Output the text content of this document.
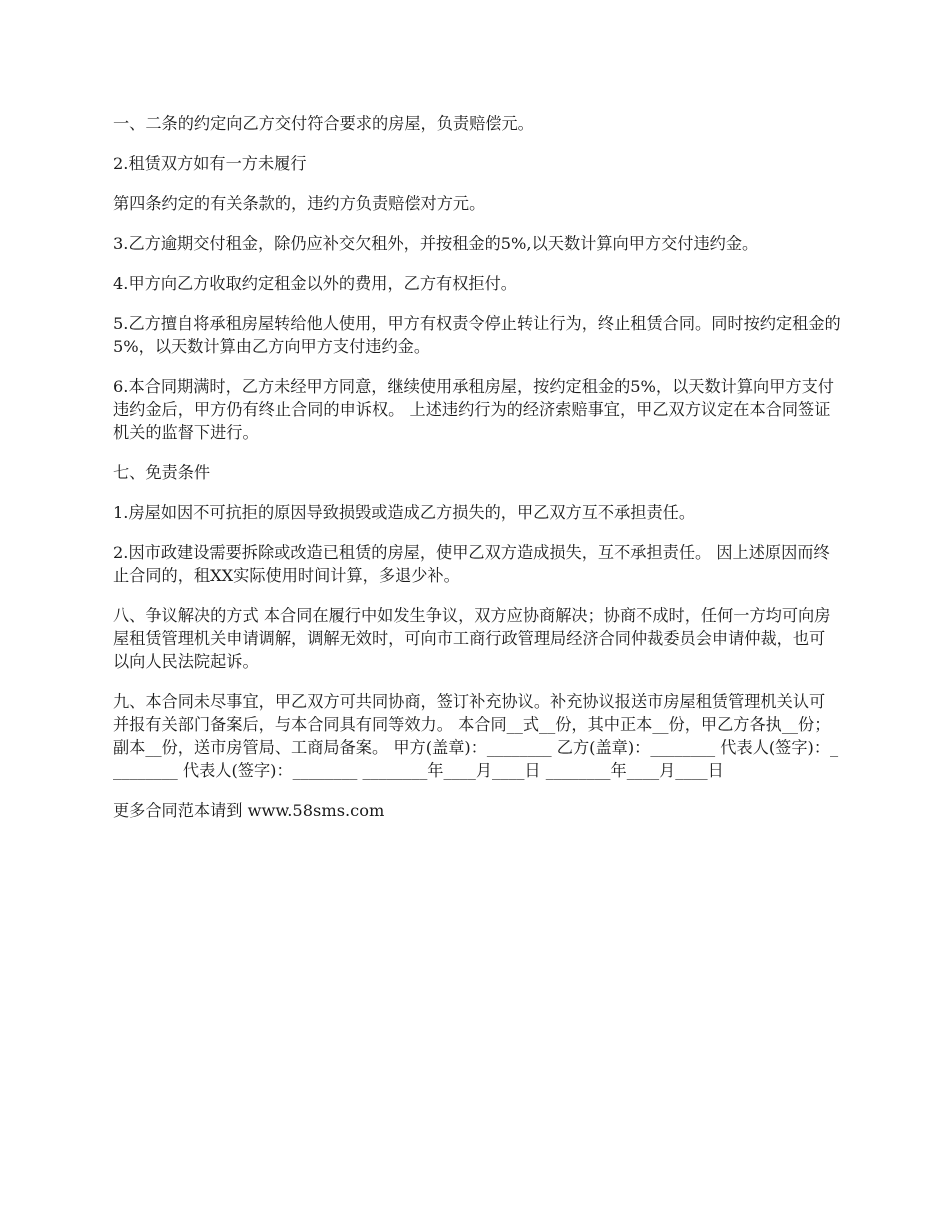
一、二条的约定向乙方交付符合要求的房屋，负责赔偿元。

2.租赁双方如有一方未履行

第四条约定的有关条款的，违约方负责赔偿对方元。

3.乙方逾期交付租金，除仍应补交欠租外，并按租金的5%,以天数计算向甲方交付违约金。

4.甲方向乙方收取约定租金以外的费用，乙方有权拒付。

5.乙方擅自将承租房屋转给他人使用，甲方有权责令停止转让行为，终止租赁合同。同时按约定租金的5%，以天数计算由乙方向甲方支付违约金。

6.本合同期满时，乙方未经甲方同意，继续使用承租房屋，按约定租金的5%，以天数计算向甲方支付违约金后，甲方仍有终止合同的申诉权。 上述违约行为的经济索赔事宜，甲乙双方议定在本合同签证机关的监督下进行。

七、免责条件

1.房屋如因不可抗拒的原因导致损毁或造成乙方损失的，甲乙双方互不承担责任。

2.因市政建设需要拆除或改造已租赁的房屋，使甲乙双方造成损失，互不承担责任。 因上述原因而终止合同的，租XX实际使用时间计算，多退少补。

八、争议解决的方式 本合同在履行中如发生争议，双方应协商解决；协商不成时，任何一方均可向房屋租赁管理机关申请调解，调解无效时，可向市工商行政管理局经济合同仲裁委员会申请仲裁，也可以向人民法院起诉。

九、本合同未尽事宜，甲乙双方可共同协商，签订补充协议。补充协议报送市房屋租赁管理机关认可并报有关部门备案后，与本合同具有同等效力。 本合同__式__份，其中正本__份，甲乙方各执__份；副本__份，送市房管局、工商局备案。 甲方(盖章)：________ 乙方(盖章)：________ 代表人(签字)：_________ 代表人(签字)：________ ________年____月____日 ________年____月____日

更多合同范本请到 www.58sms.com
